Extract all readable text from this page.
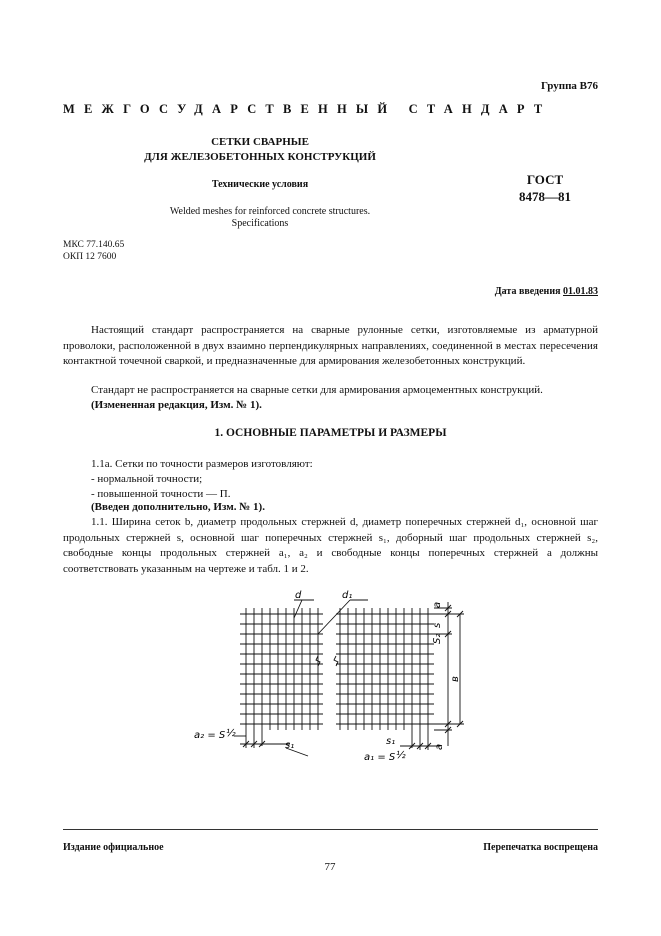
Группа В76
МЕЖГОСУДАРСТВЕННЫЙ СТАНДАРТ
СЕТКИ СВАРНЫЕ
ДЛЯ ЖЕЛЕЗОБЕТОННЫХ КОНСТРУКЦИЙ
Технические условия	ГОСТ
8478—81
Welded meshes for reinforced concrete structures.
Specifications
МКС 77.140.65
ОКП 12 7600
Дата введения 01.01.83
Настоящий стандарт распространяется на сварные рулонные сетки, изготовляемые из арматурной проволоки, расположенной в двух взаимно перпендикулярных направлениях, соединенной в местах пересечения контактной точечной сваркой, и предназначенные для армирования железобетонных конструкций.
Стандарт не распространяется на сварные сетки для армирования армоцементных конструкций.
(Измененная редакция, Изм. № 1).
1. ОСНОВНЫЕ ПАРАМЕТРЫ И РАЗМЕРЫ
1.1а. Сетки по точности размеров изготовляют:
- нормальной точности;
- повышенной точности — П.
(Введен дополнительно, Изм. № 1).
1.1. Ширина сеток b, диаметр продольных стержней d, диаметр поперечных стержней d₁, основной шаг продольных стержней s, основной шаг поперечных стержней s₁, доборный шаг продольных стержней s₂, свободные концы продольных стержней a₁, a₂ и свободные концы поперечных стержней a должны соответствовать указанным на чертеже и табл. 1 и 2.
d	d₁
a
s
S₂
в
a
a₂ = S ½
s₁	s₁
a₁ = S ½
Издание официальное	Перепечатка воспрещена
77
